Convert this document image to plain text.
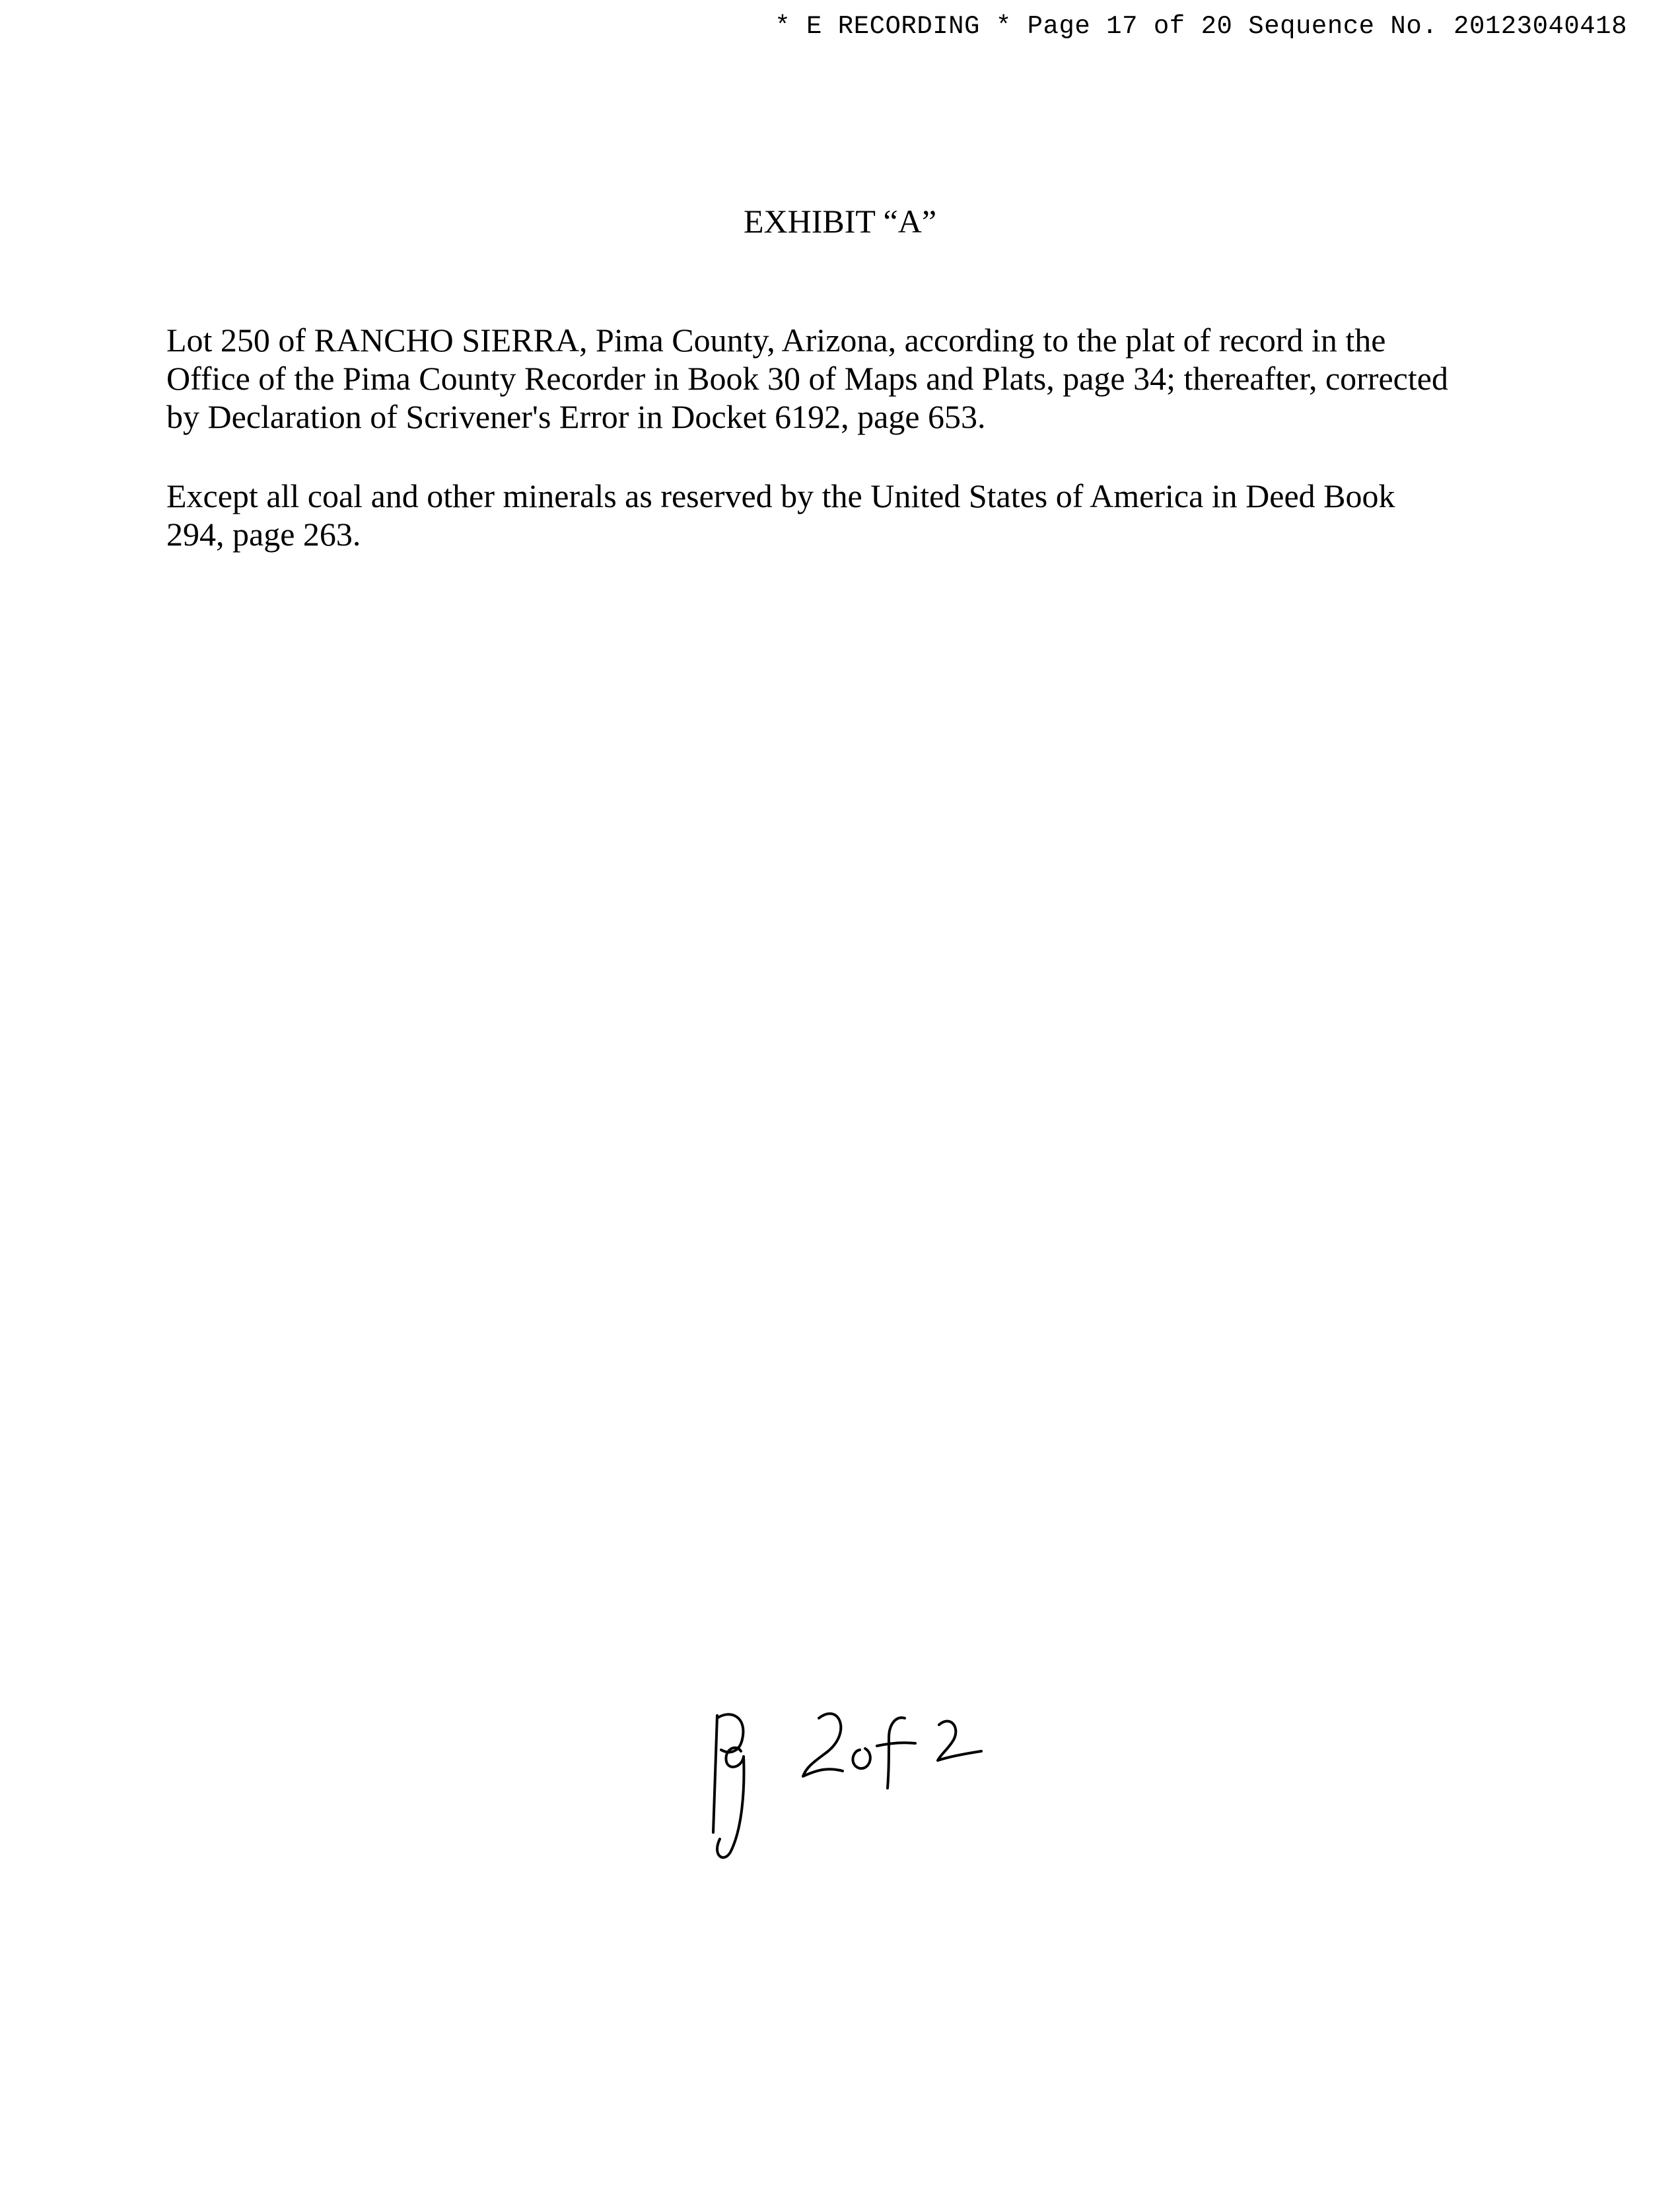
* E RECORDING * Page 17 of 20 Sequence No. 20123040418
EXHIBIT “A”
Lot 250 of RANCHO SIERRA, Pima County, Arizona, according to the plat of record in the
Office of the Pima County Recorder in Book 30 of Maps and Plats, page 34; thereafter, corrected
by Declaration of Scrivener's Error in Docket 6192, page 653.
Except all coal and other minerals as reserved by the United States of America in Deed Book
294, page 263.
